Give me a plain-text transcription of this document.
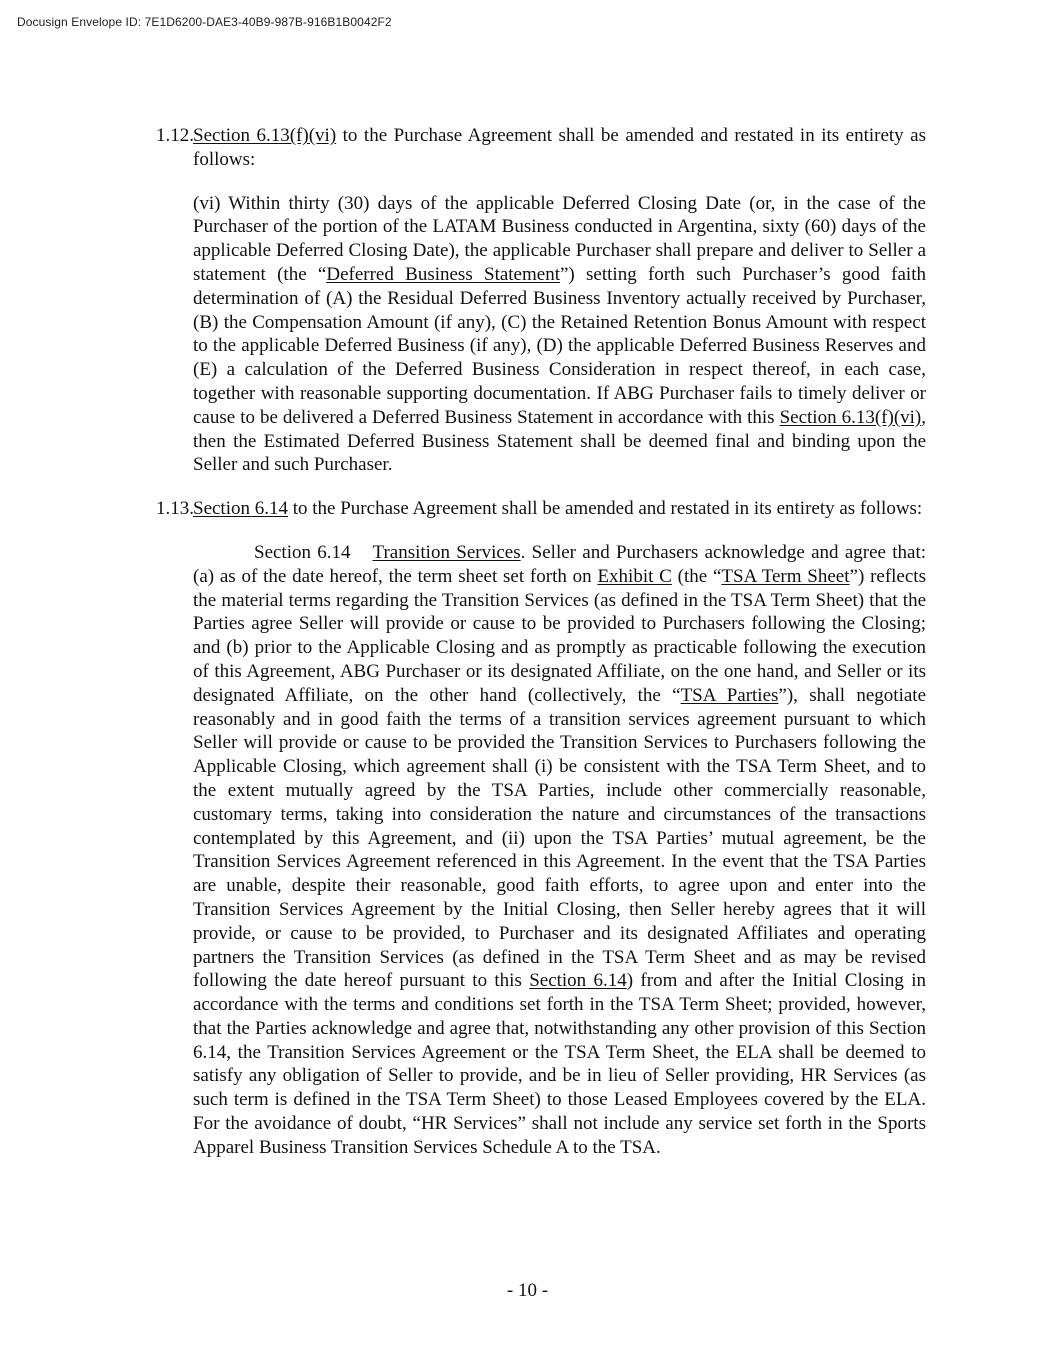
Docusign Envelope ID: 7E1D6200-DAE3-40B9-987B-916B1B0042F2
1.12. Section 6.13(f)(vi) to the Purchase Agreement shall be amended and restated in its entirety as follows:
(vi) Within thirty (30) days of the applicable Deferred Closing Date (or, in the case of the Purchaser of the portion of the LATAM Business conducted in Argentina, sixty (60) days of the applicable Deferred Closing Date), the applicable Purchaser shall prepare and deliver to Seller a statement (the “Deferred Business Statement”) setting forth such Purchaser’s good faith determination of (A) the Residual Deferred Business Inventory actually received by Purchaser, (B) the Compensation Amount (if any), (C) the Retained Retention Bonus Amount with respect to the applicable Deferred Business (if any), (D) the applicable Deferred Business Reserves and (E) a calculation of the Deferred Business Consideration in respect thereof, in each case, together with reasonable supporting documentation. If ABG Purchaser fails to timely deliver or cause to be delivered a Deferred Business Statement in accordance with this Section 6.13(f)(vi), then the Estimated Deferred Business Statement shall be deemed final and binding upon the Seller and such Purchaser.
1.13. Section 6.14 to the Purchase Agreement shall be amended and restated in its entirety as follows:
Section 6.14 Transition Services. Seller and Purchasers acknowledge and agree that: (a) as of the date hereof, the term sheet set forth on Exhibit C (the “TSA Term Sheet”) reflects the material terms regarding the Transition Services (as defined in the TSA Term Sheet) that the Parties agree Seller will provide or cause to be provided to Purchasers following the Closing; and (b) prior to the Applicable Closing and as promptly as practicable following the execution of this Agreement, ABG Purchaser or its designated Affiliate, on the one hand, and Seller or its designated Affiliate, on the other hand (collectively, the “TSA Parties”), shall negotiate reasonably and in good faith the terms of a transition services agreement pursuant to which Seller will provide or cause to be provided the Transition Services to Purchasers following the Applicable Closing, which agreement shall (i) be consistent with the TSA Term Sheet, and to the extent mutually agreed by the TSA Parties, include other commercially reasonable, customary terms, taking into consideration the nature and circumstances of the transactions contemplated by this Agreement, and (ii) upon the TSA Parties’ mutual agreement, be the Transition Services Agreement referenced in this Agreement. In the event that the TSA Parties are unable, despite their reasonable, good faith efforts, to agree upon and enter into the Transition Services Agreement by the Initial Closing, then Seller hereby agrees that it will provide, or cause to be provided, to Purchaser and its designated Affiliates and operating partners the Transition Services (as defined in the TSA Term Sheet and as may be revised following the date hereof pursuant to this Section 6.14) from and after the Initial Closing in accordance with the terms and conditions set forth in the TSA Term Sheet; provided, however, that the Parties acknowledge and agree that, notwithstanding any other provision of this Section 6.14, the Transition Services Agreement or the TSA Term Sheet, the ELA shall be deemed to satisfy any obligation of Seller to provide, and be in lieu of Seller providing, HR Services (as such term is defined in the TSA Term Sheet) to those Leased Employees covered by the ELA. For the avoidance of doubt, “HR Services” shall not include any service set forth in the Sports Apparel Business Transition Services Schedule A to the TSA.
- 10 -
